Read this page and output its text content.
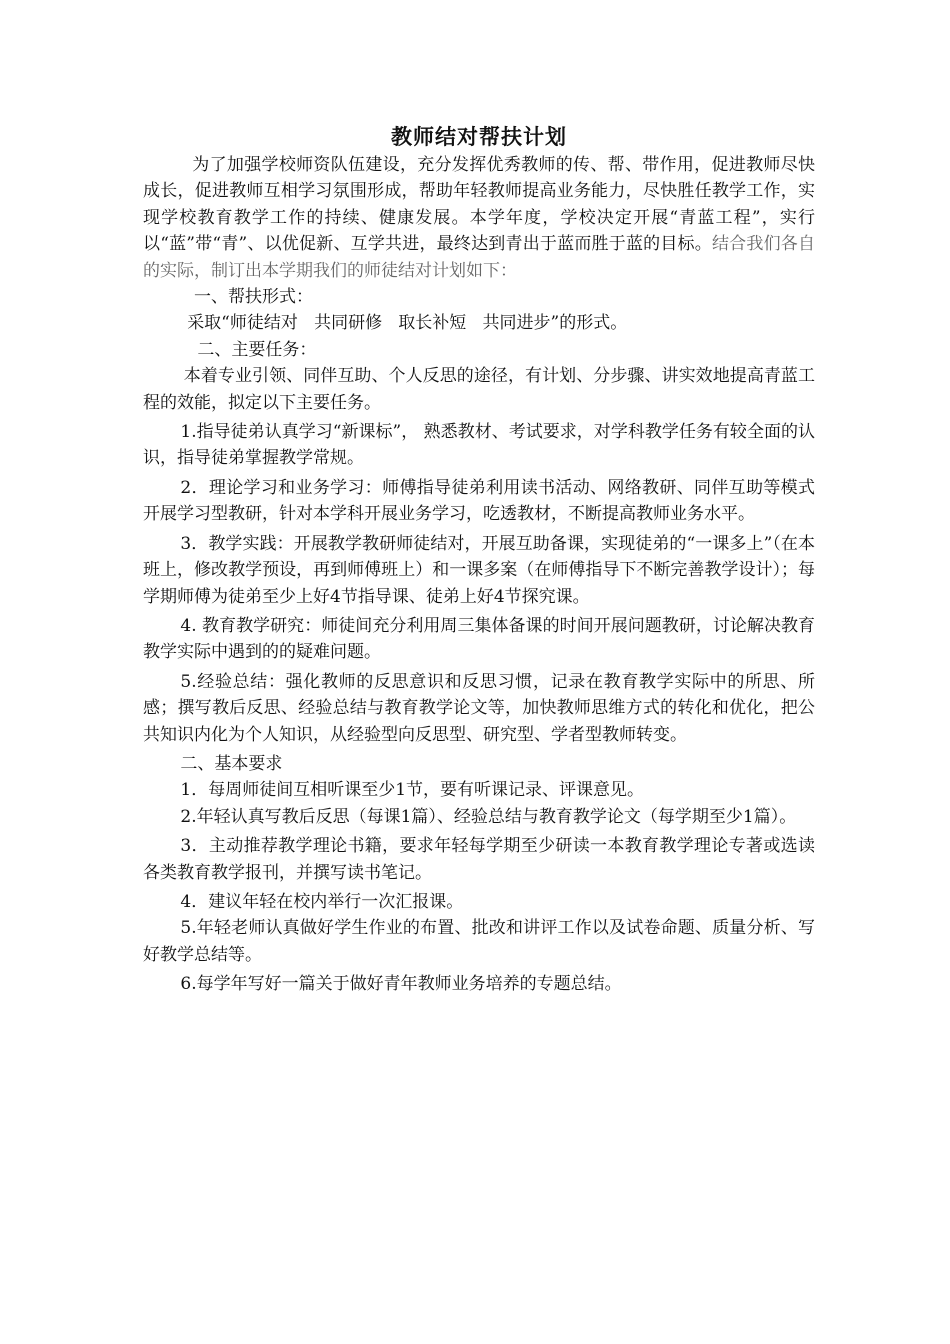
教师结对帮扶计划

为了加强学校师资队伍建设，充分发挥优秀教师的传、帮、带作用，促进教师尽快成长，促进教师互相学习氛围形成，帮助年轻教师提高业务能力，尽快胜任教学工作，实现学校教育教学工作的持续、健康发展。本学年度，学校决定开展“青蓝工程”，实行以“蓝”带“青”、以优促新、互学共进，最终达到青出于蓝而胜于蓝的目标。结合我们各自的实际，制订出本学期我们的师徒结对计划如下：

一、帮扶形式：

采取“师徒结对   共同研修   取长补短   共同进步”的形式。

二、主要任务：

本着专业引领、同伴互助、个人反思的途径，有计划、分步骤、讲实效地提高青蓝工程的效能，拟定以下主要任务。

1.指导徒弟认真学习“新课标”， 熟悉教材、考试要求，对学科教学任务有较全面的认识，指导徒弟掌握教学常规。

2．理论学习和业务学习：师傅指导徒弟利用读书活动、网络教研、同伴互助等模式开展学习型教研，针对本学科开展业务学习，吃透教材，不断提高教师业务水平。

3．教学实践：开展教学教研师徒结对，开展互助备课，实现徒弟的“一课多上”（在本班上，修改教学预设，再到师傅班上）和一课多案（在师傅指导下不断完善教学设计）；每学期师傅为徒弟至少上好4节指导课、徒弟上好4节探究课。

4. 教育教学研究：师徒间充分利用周三集体备课的时间开展问题教研，讨论解决教育教学实际中遇到的的疑难问题。

5.经验总结：强化教师的反思意识和反思习惯，记录在教育教学实际中的所思、所感；撰写教后反思、经验总结与教育教学论文等，加快教师思维方式的转化和优化，把公共知识内化为个人知识，从经验型向反思型、研究型、学者型教师转变。

二、基本要求

1．每周师徒间互相听课至少1节，要有听课记录、评课意见。

2.年轻认真写教后反思（每课1篇）、经验总结与教育教学论文（每学期至少1篇）。

3．主动推荐教学理论书籍，要求年轻每学期至少研读一本教育教学理论专著或选读各类教育教学报刊，并撰写读书笔记。

4．建议年轻在校内举行一次汇报课。

5.年轻老师认真做好学生作业的布置、批改和讲评工作以及试卷命题、质量分析、写好教学总结等。

6.每学年写好一篇关于做好青年教师业务培养的专题总结。
